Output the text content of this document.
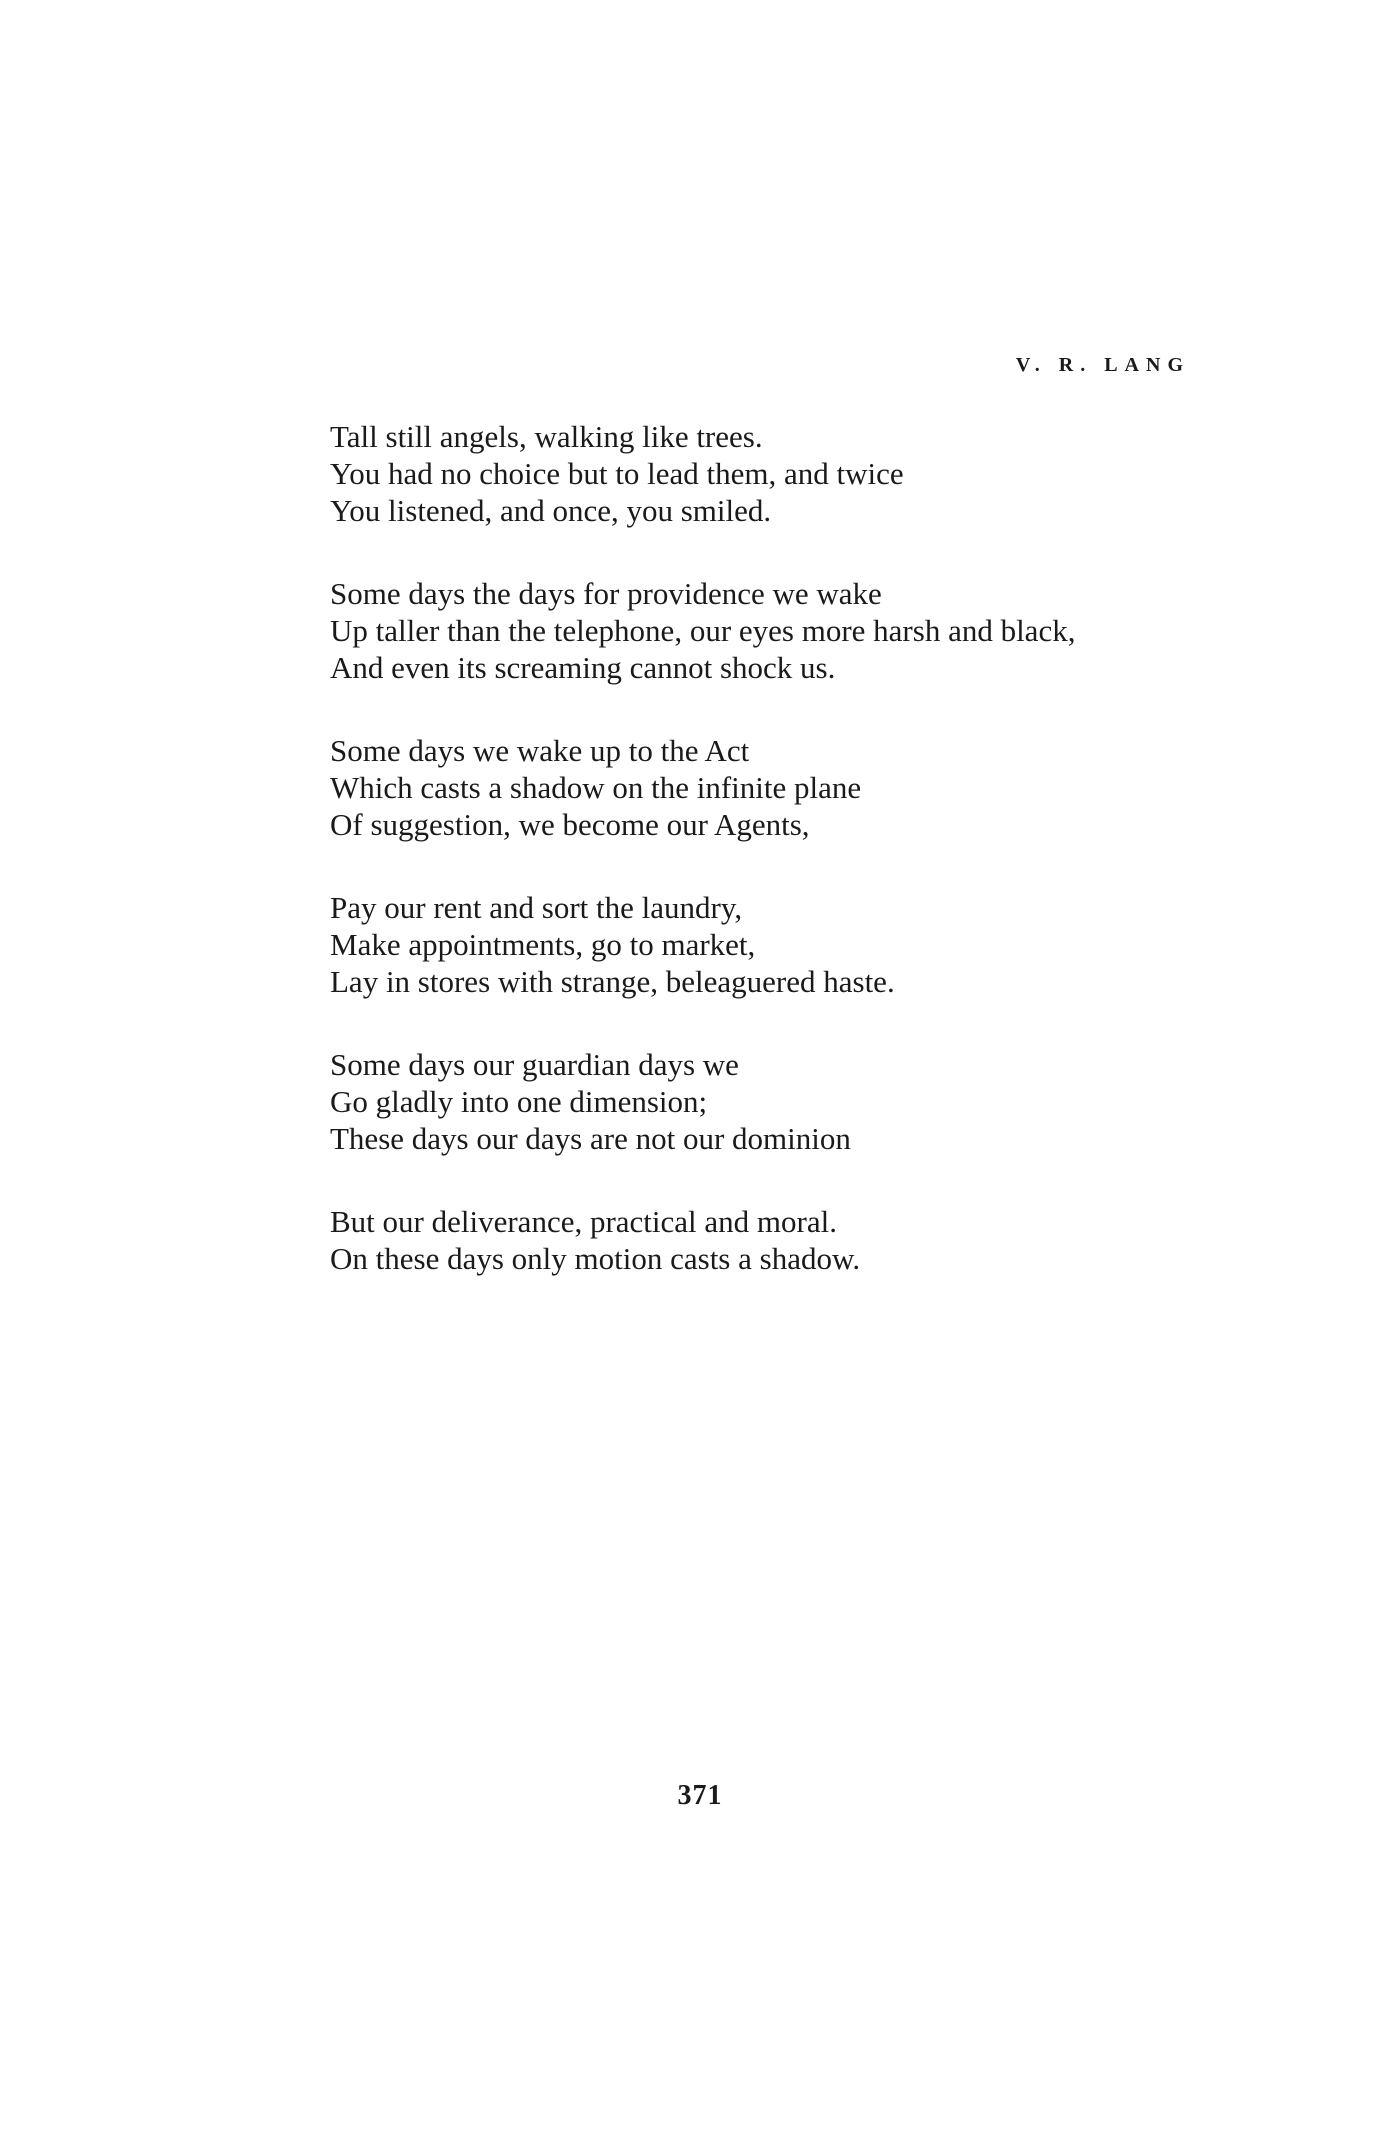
V. R. LANG
Tall still angels, walking like trees.
You had no choice but to lead them, and twice
You listened, and once, you smiled.
Some days the days for providence we wake
Up taller than the telephone, our eyes more harsh and black,
And even its screaming cannot shock us.
Some days we wake up to the Act
Which casts a shadow on the infinite plane
Of suggestion, we become our Agents,
Pay our rent and sort the laundry,
Make appointments, go to market,
Lay in stores with strange, beleaguered haste.
Some days our guardian days we
Go gladly into one dimension;
These days our days are not our dominion
But our deliverance, practical and moral.
On these days only motion casts a shadow.
371
